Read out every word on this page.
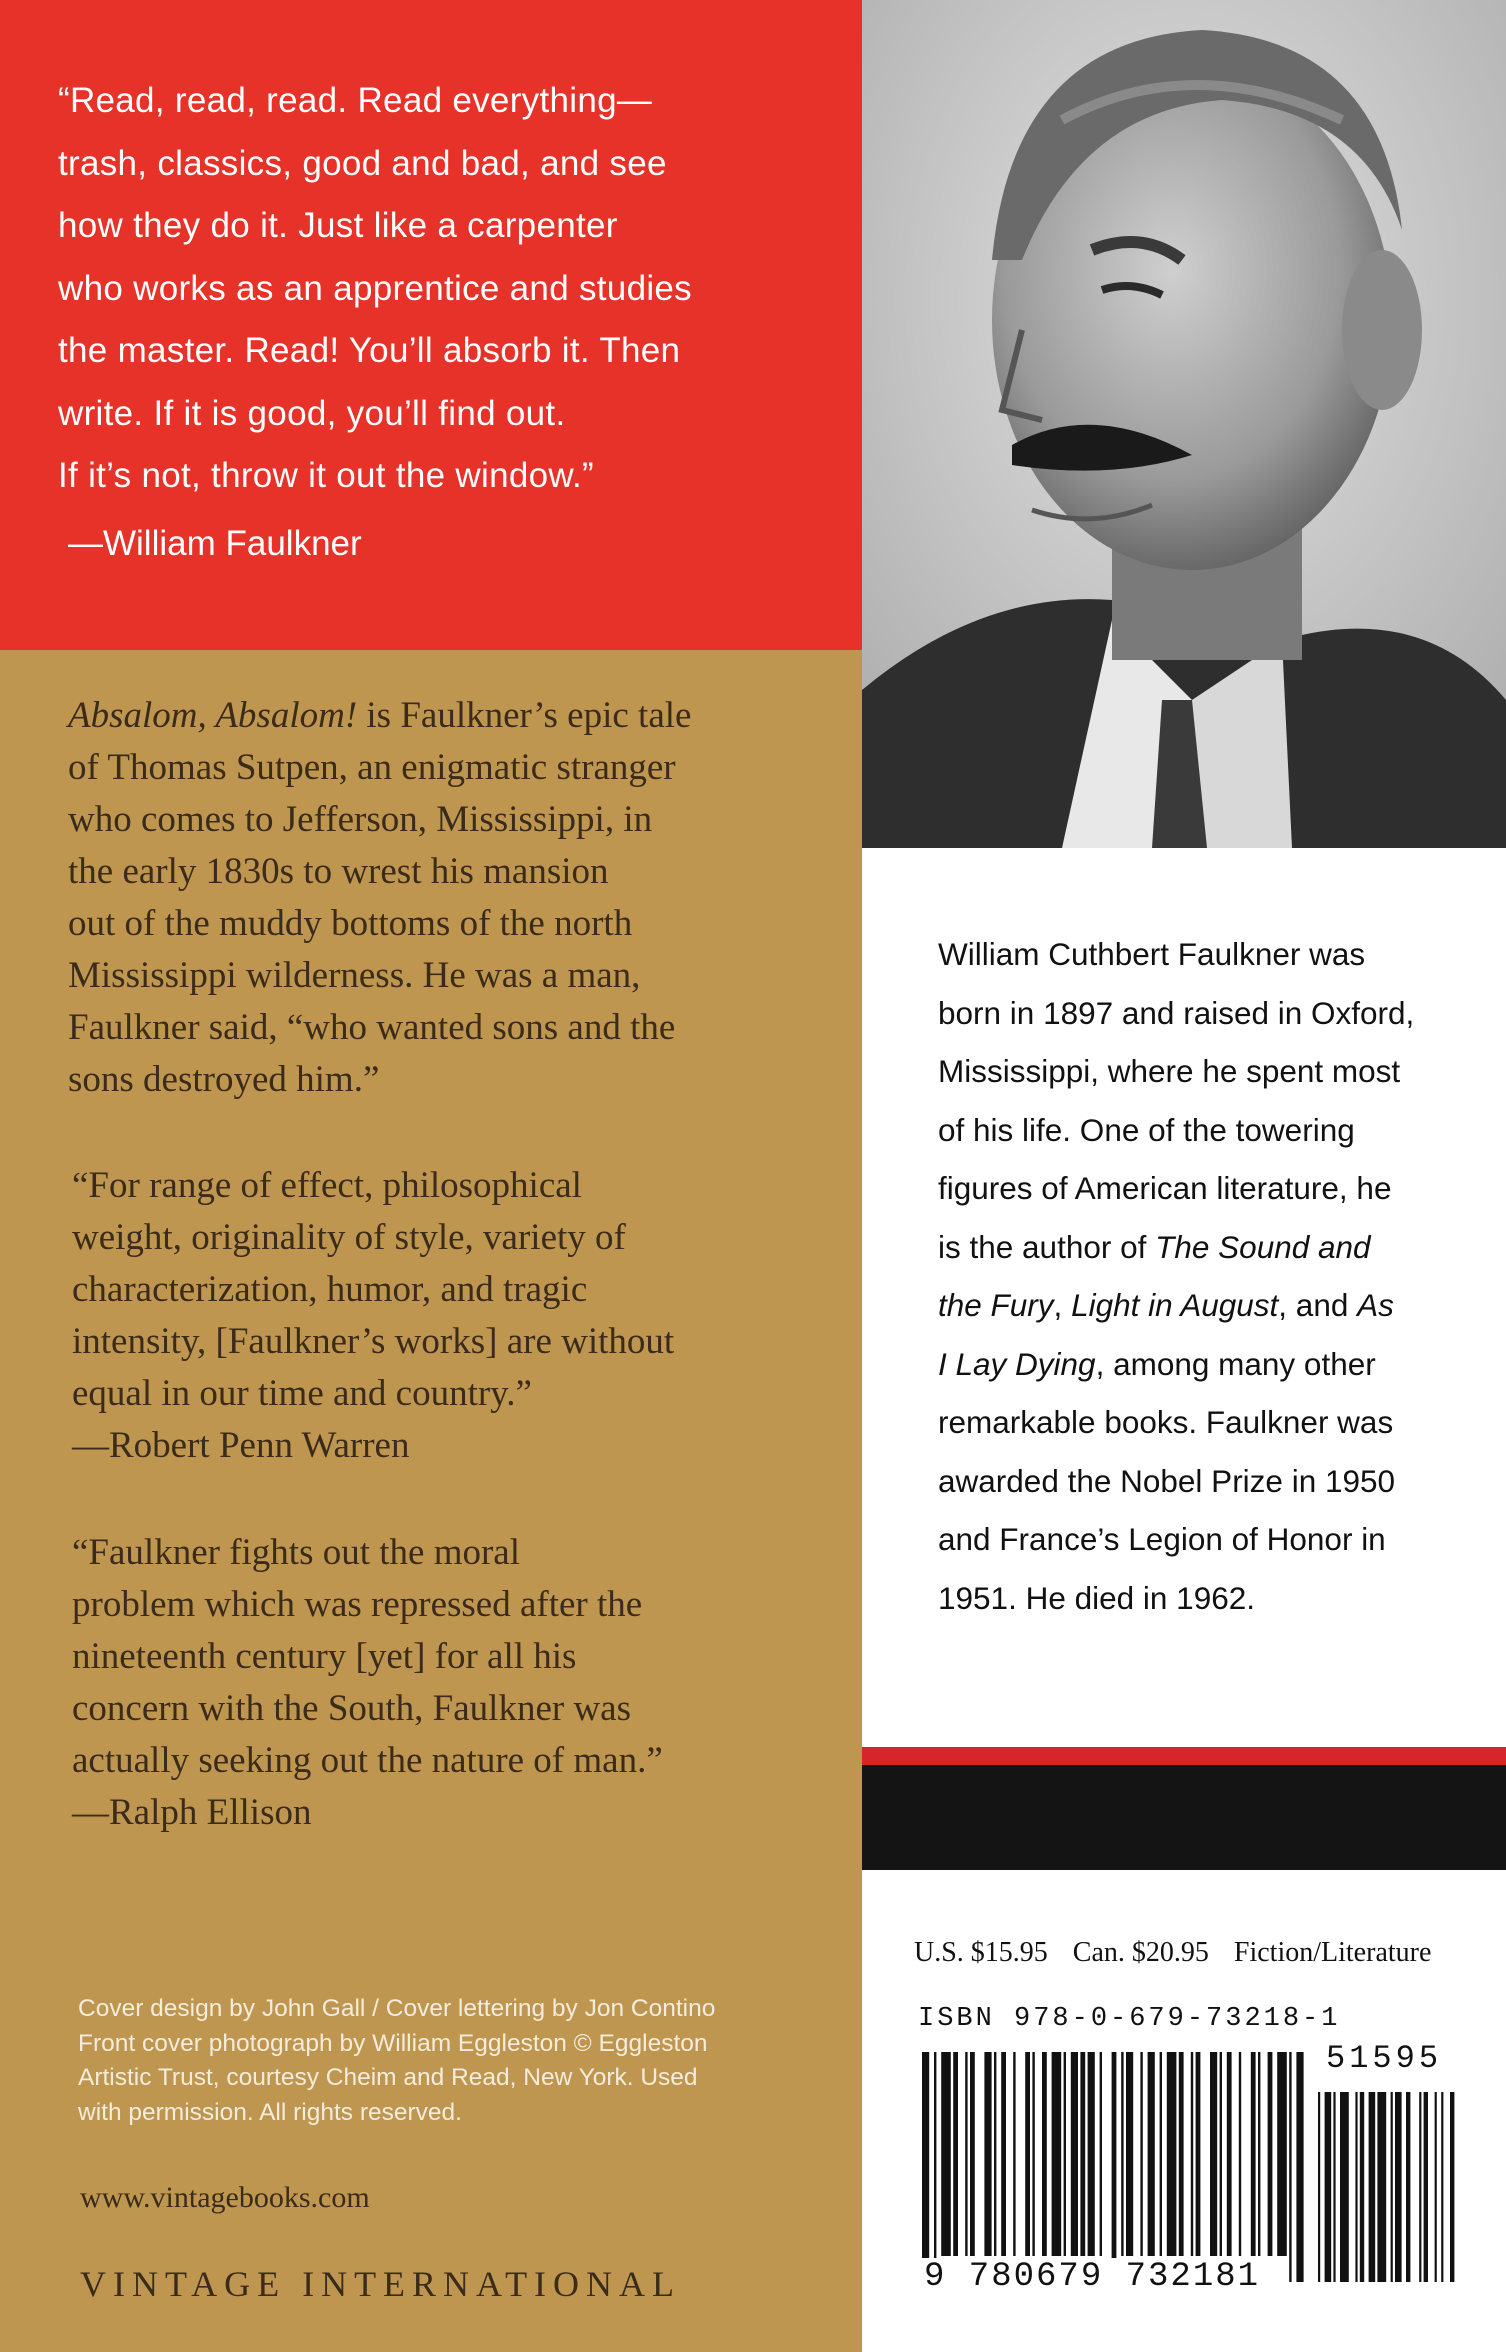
“Read, read, read. Read everything—

trash, classics, good and bad, and see

how they do it. Just like a carpenter

who works as an apprentice and studies

the master. Read! You’ll absorb it. Then

write. If it is good, you’ll find out.

If it’s not, throw it out the window.”

—William Faulkner

Absalom, Absalom! is Faulkner’s epic tale

of Thomas Sutpen, an enigmatic stranger

who comes to Jefferson, Mississippi, in

the early 1830s to wrest his mansion

out of the muddy bottoms of the north

Mississippi wilderness. He was a man,

Faulkner said, “who wanted sons and the

sons destroyed him.”

“For range of effect, philosophical

weight, originality of style, variety of

characterization, humor, and tragic

intensity, [Faulkner’s works] are without

equal in our time and country.”

—Robert Penn Warren

“Faulkner fights out the moral

problem which was repressed after the

nineteenth century [yet] for all his

concern with the South, Faulkner was

actually seeking out the nature of man.”

—Ralph Ellison

Cover design by John Gall / Cover lettering by Jon Contino

Front cover photograph by William Eggleston © Eggleston

Artistic Trust, courtesy Cheim and Read, New York. Used

with permission. All rights reserved.

www.vintagebooks.com
VINTAGE INTERNATIONAL

William Cuthbert Faulkner was

born in 1897 and raised in Oxford,

Mississippi, where he spent most

of his life. One of the towering

figures of American literature, he

is the author of The Sound and

the Fury, Light in August, and As

I Lay Dying, among many other

remarkable books. Faulkner was

awarded the Nobel Prize in 1950

and France’s Legion of Honor in

1951. He died in 1962.

U.S. $15.95 Can. $20.95 Fiction/Literature
ISBN 978-0-679-73218-1
51595
9 780679 732181
